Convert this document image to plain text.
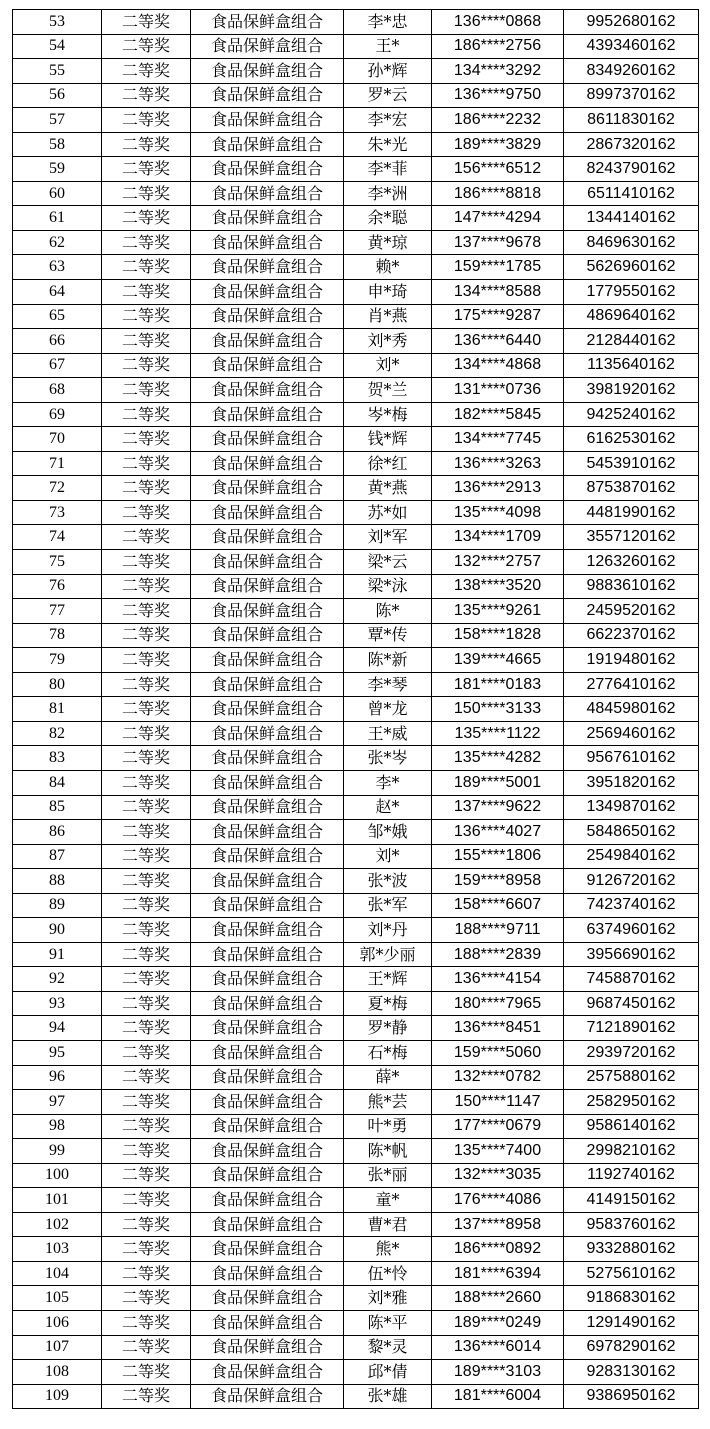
53	二等奖	食品保鲜盒组合	李*忠	136****0868	9952680162
54	二等奖	食品保鲜盒组合	王*	186****2756	4393460162
55	二等奖	食品保鲜盒组合	孙*辉	134****3292	8349260162
56	二等奖	食品保鲜盒组合	罗*云	136****9750	8997370162
57	二等奖	食品保鲜盒组合	李*宏	186****2232	8611830162
58	二等奖	食品保鲜盒组合	朱*光	189****3829	2867320162
59	二等奖	食品保鲜盒组合	李*菲	156****6512	8243790162
60	二等奖	食品保鲜盒组合	李*洲	186****8818	6511410162
61	二等奖	食品保鲜盒组合	余*聪	147****4294	1344140162
62	二等奖	食品保鲜盒组合	黄*琼	137****9678	8469630162
63	二等奖	食品保鲜盒组合	赖*	159****1785	5626960162
64	二等奖	食品保鲜盒组合	申*琦	134****8588	1779550162
65	二等奖	食品保鲜盒组合	肖*燕	175****9287	4869640162
66	二等奖	食品保鲜盒组合	刘*秀	136****6440	2128440162
67	二等奖	食品保鲜盒组合	刘*	134****4868	1135640162
68	二等奖	食品保鲜盒组合	贺*兰	131****0736	3981920162
69	二等奖	食品保鲜盒组合	岑*梅	182****5845	9425240162
70	二等奖	食品保鲜盒组合	钱*辉	134****7745	6162530162
71	二等奖	食品保鲜盒组合	徐*红	136****3263	5453910162
72	二等奖	食品保鲜盒组合	黄*燕	136****2913	8753870162
73	二等奖	食品保鲜盒组合	苏*如	135****4098	4481990162
74	二等奖	食品保鲜盒组合	刘*军	134****1709	3557120162
75	二等奖	食品保鲜盒组合	梁*云	132****2757	1263260162
76	二等奖	食品保鲜盒组合	梁*泳	138****3520	9883610162
77	二等奖	食品保鲜盒组合	陈*	135****9261	2459520162
78	二等奖	食品保鲜盒组合	覃*传	158****1828	6622370162
79	二等奖	食品保鲜盒组合	陈*新	139****4665	1919480162
80	二等奖	食品保鲜盒组合	李*琴	181****0183	2776410162
81	二等奖	食品保鲜盒组合	曾*龙	150****3133	4845980162
82	二等奖	食品保鲜盒组合	王*威	135****1122	2569460162
83	二等奖	食品保鲜盒组合	张*岑	135****4282	9567610162
84	二等奖	食品保鲜盒组合	李*	189****5001	3951820162
85	二等奖	食品保鲜盒组合	赵*	137****9622	1349870162
86	二等奖	食品保鲜盒组合	邹*娥	136****4027	5848650162
87	二等奖	食品保鲜盒组合	刘*	155****1806	2549840162
88	二等奖	食品保鲜盒组合	张*波	159****8958	9126720162
89	二等奖	食品保鲜盒组合	张*军	158****6607	7423740162
90	二等奖	食品保鲜盒组合	刘*丹	188****9711	6374960162
91	二等奖	食品保鲜盒组合	郭*少丽	188****2839	3956690162
92	二等奖	食品保鲜盒组合	王*辉	136****4154	7458870162
93	二等奖	食品保鲜盒组合	夏*梅	180****7965	9687450162
94	二等奖	食品保鲜盒组合	罗*静	136****8451	7121890162
95	二等奖	食品保鲜盒组合	石*梅	159****5060	2939720162
96	二等奖	食品保鲜盒组合	薛*	132****0782	2575880162
97	二等奖	食品保鲜盒组合	熊*芸	150****1147	2582950162
98	二等奖	食品保鲜盒组合	叶*勇	177****0679	9586140162
99	二等奖	食品保鲜盒组合	陈*帆	135****7400	2998210162
100	二等奖	食品保鲜盒组合	张*丽	132****3035	1192740162
101	二等奖	食品保鲜盒组合	童*	176****4086	4149150162
102	二等奖	食品保鲜盒组合	曹*君	137****8958	9583760162
103	二等奖	食品保鲜盒组合	熊*	186****0892	9332880162
104	二等奖	食品保鲜盒组合	伍*怜	181****6394	5275610162
105	二等奖	食品保鲜盒组合	刘*雅	188****2660	9186830162
106	二等奖	食品保鲜盒组合	陈*平	189****0249	1291490162
107	二等奖	食品保鲜盒组合	黎*灵	136****6014	6978290162
108	二等奖	食品保鲜盒组合	邱*倩	189****3103	9283130162
109	二等奖	食品保鲜盒组合	张*雄	181****6004	9386950162
